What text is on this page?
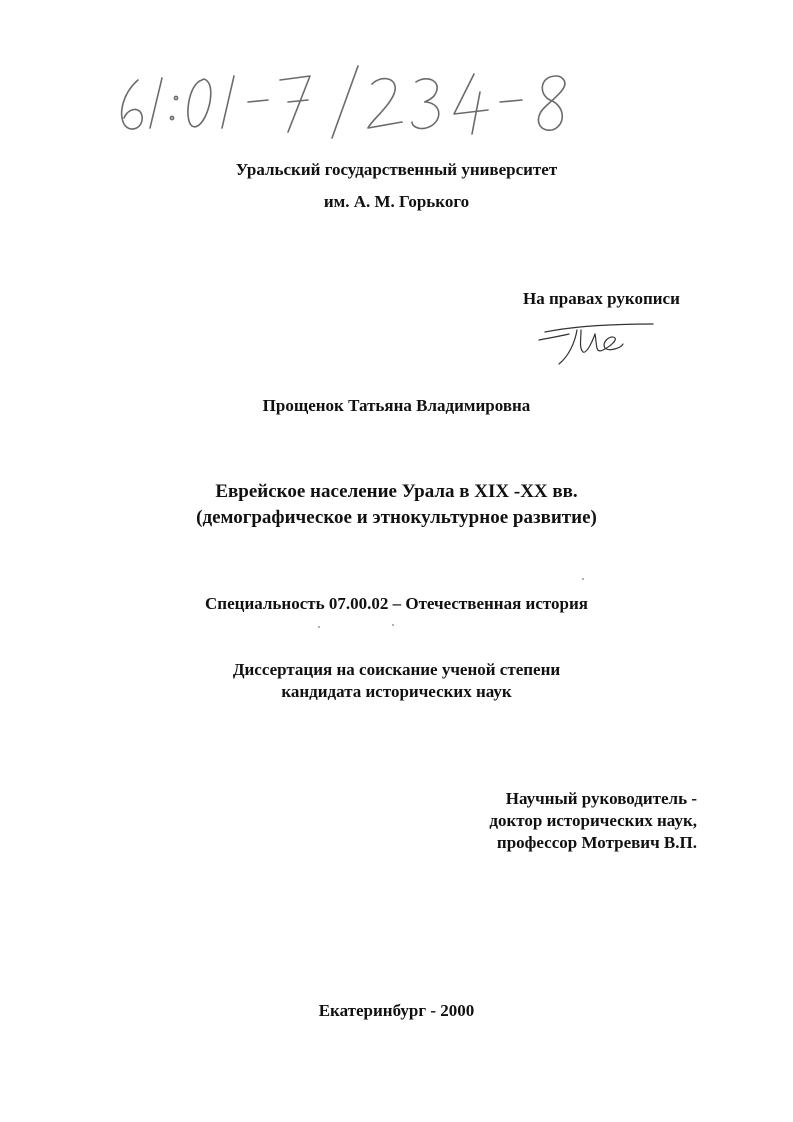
Уральский государственный университет
им. А. М. Горького
На правах рукописи
Прощенок Татьяна Владимировна
Еврейское население Урала в XIX -XX вв.
(демографическое и этнокультурное развитие)
Специальность 07.00.02 – Отечественная история
Диссертация на соискание ученой степени
кандидата исторических наук
Научный руководитель -
доктор исторических наук,
профессор Мотревич В.П.
Екатеринбург - 2000
